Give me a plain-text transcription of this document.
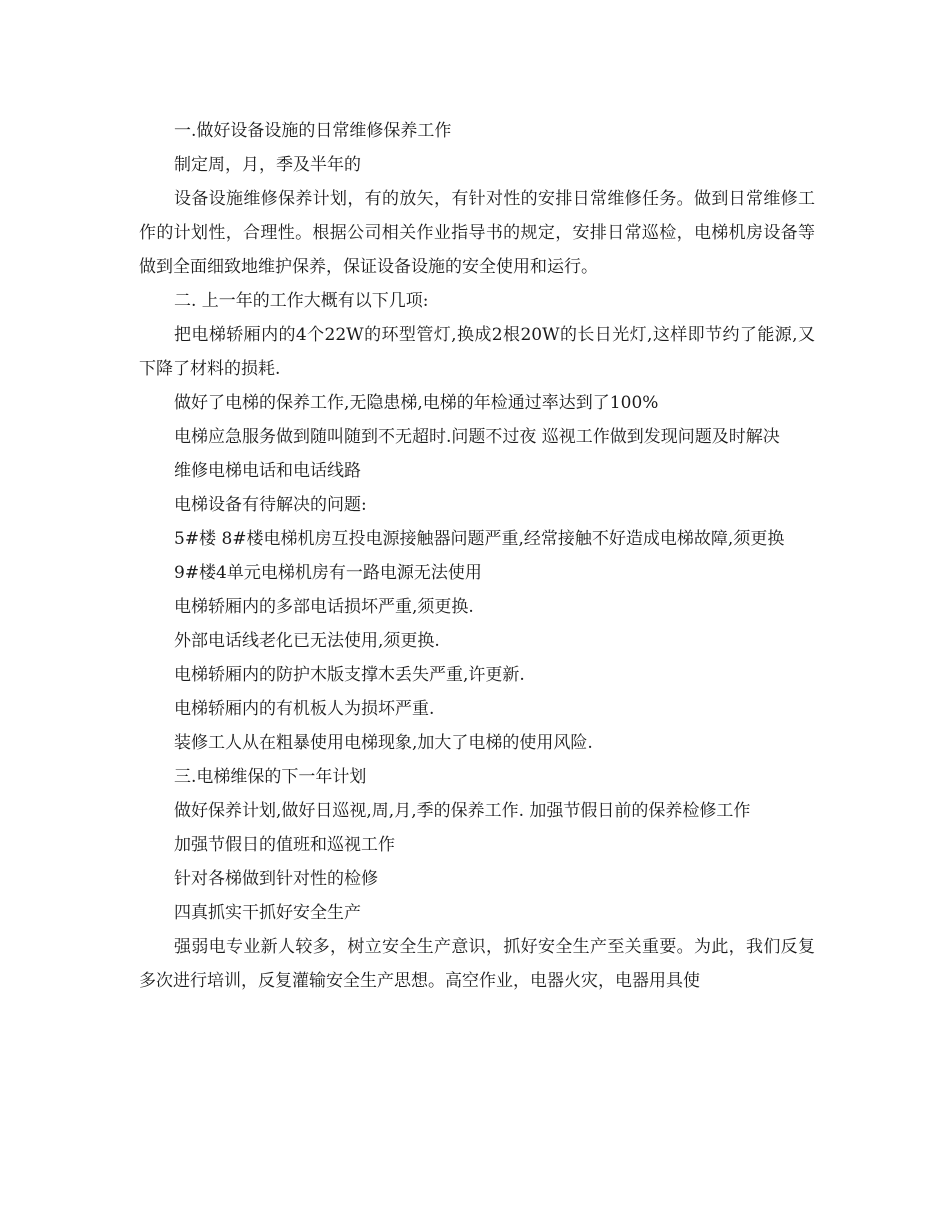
一.做好设备设施的日常维修保养工作

制定周，月，季及半年的

设备设施维修保养计划，有的放矢，有针对性的安排日常维修任务。做到日常维修工作的计划性，合理性。根据公司相关作业指导书的规定，安排日常巡检，电梯机房设备等做到全面细致地维护保养，保证设备设施的安全使用和运行。

二. 上一年的工作大概有以下几项:

把电梯轿厢内的4个22W的环型管灯,换成2根20W的长日光灯,这样即节约了能源,又下降了材料的损耗.

做好了电梯的保养工作,无隐患梯,电梯的年检通过率达到了100%

电梯应急服务做到随叫随到不无超时.问题不过夜 巡视工作做到发现问题及时解决

维修电梯电话和电话线路

电梯设备有待解决的问题:

5#楼 8#楼电梯机房互投电源接触器问题严重,经常接触不好造成电梯故障,须更换

9#楼4单元电梯机房有一路电源无法使用

电梯轿厢内的多部电话损坏严重,须更换.

外部电话线老化已无法使用,须更换.

电梯轿厢内的防护木版支撑木丢失严重,许更新.

电梯轿厢内的有机板人为损坏严重.

装修工人从在粗暴使用电梯现象,加大了电梯的使用风险.

三.电梯维保的下一年计划

做好保养计划,做好日巡视,周,月,季的保养工作. 加强节假日前的保养检修工作

加强节假日的值班和巡视工作

针对各梯做到针对性的检修

四真抓实干抓好安全生产

强弱电专业新人较多，树立安全生产意识，抓好安全生产至关重要。为此，我们反复多次进行培训，反复灌输安全生产思想。高空作业，电器火灾，电器用具使
